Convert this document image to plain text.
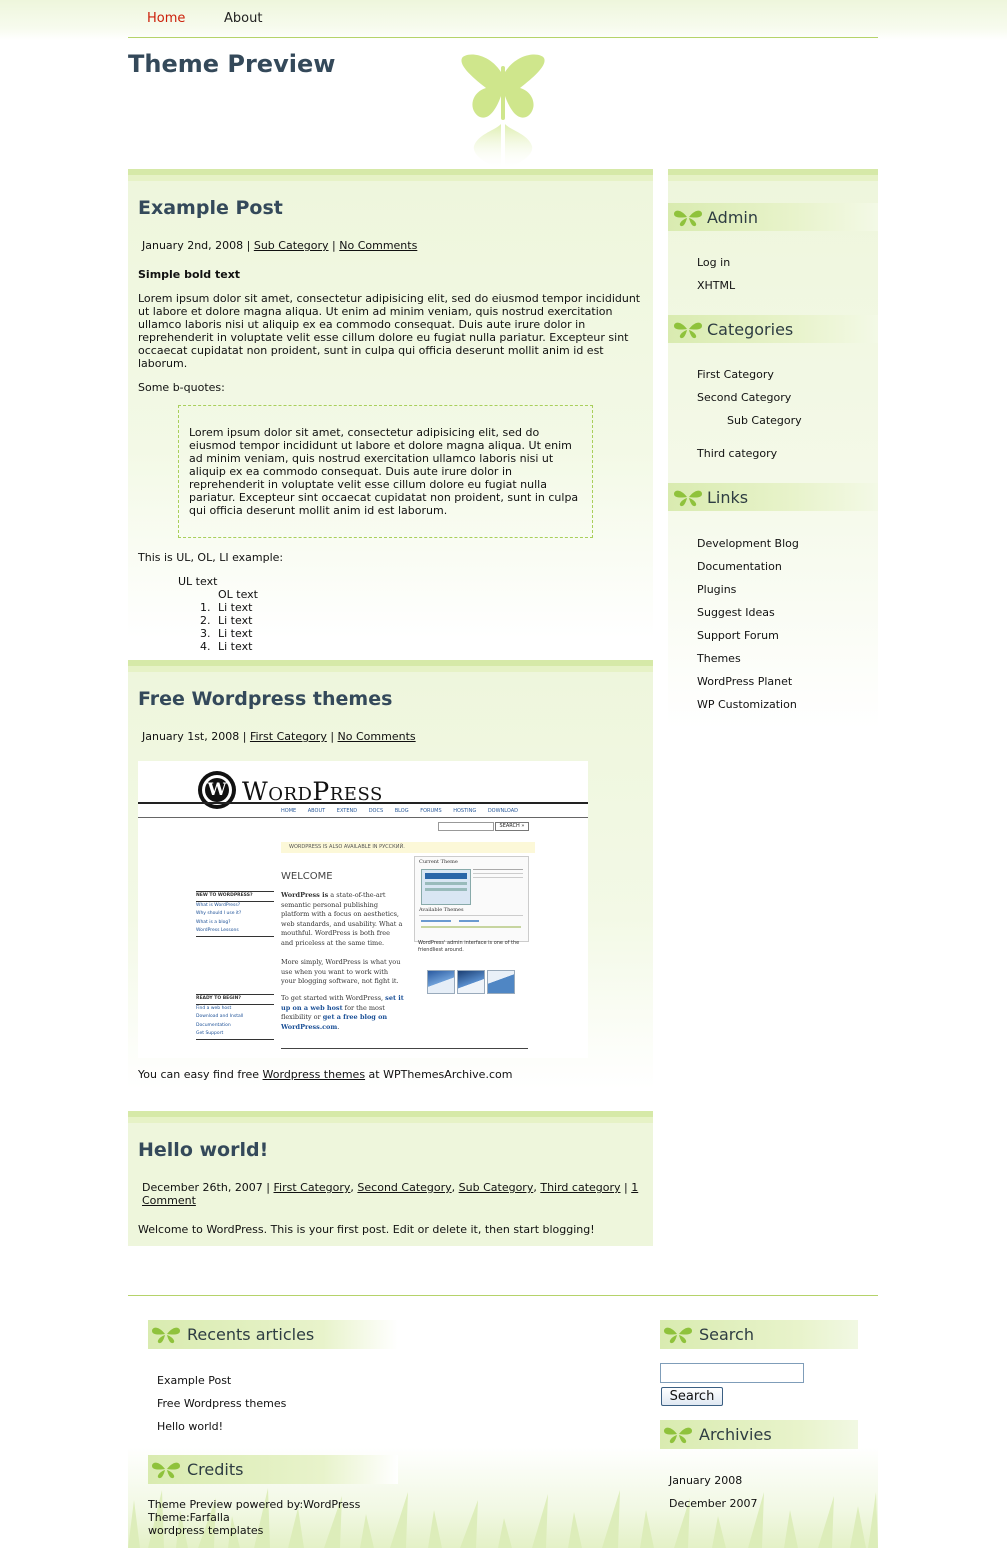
Home	About
Theme Preview
Example Post
January 2nd, 2008 | Sub Category | No Comments

Simple bold text

Lorem ipsum dolor sit amet, consectetur adipisicing elit, sed do eiusmod tempor incididunt ut labore et dolore magna aliqua. Ut enim ad minim veniam, quis nostrud exercitation ullamco laboris nisi ut aliquip ex ea commodo consequat. Duis aute irure dolor in reprehenderit in voluptate velit esse cillum dolore eu fugiat nulla pariatur. Excepteur sint occaecat cupidatat non proident, sunt in culpa qui officia deserunt mollit anim id est laborum.

Some b-quotes:

Lorem ipsum dolor sit amet, consectetur adipisicing elit, sed do eiusmod tempor incididunt ut labore et dolore magna aliqua. Ut enim ad minim veniam, quis nostrud exercitation ullamco laboris nisi ut aliquip ex ea commodo consequat. Duis aute irure dolor in reprehenderit in voluptate velit esse cillum dolore eu fugiat nulla pariatur. Excepteur sint occaecat cupidatat non proident, sunt in culpa qui officia deserunt mollit anim id est laborum.

This is UL, OL, LI example:

UL text
OL text
1. Li text
2. Li text
3. Li text
4. Li text
Free Wordpress themes
January 1st, 2008 | First Category | No Comments
W WordPress
HOME ABOUT EXTEND DOCS BLOG FORUMS HOSTING DOWNLOAD
SEARCH »
WORDPRESS IS ALSO AVAILABLE IN РУССКИЙ.
WELCOME
WordPress is a state-of-the-art semantic personal publishing platform with a focus on aesthetics, web standards, and usability. What a mouthful. WordPress is both free and priceless at the same time.
More simply, WordPress is what you use when you want to work with your blogging software, not fight it.
To get started with WordPress, set it up on a web host for the most flexibility or get a free blog on WordPress.com.
Current Theme
Available Themes
WordPress' admin interface is one of the friendliest around.
NEW TO WORDPRESS?
What is WordPress?
Why should I use it?
What is a blog?
WordPress Lessons
READY TO BEGIN?
Find a web host
Download and Install
Documentation
Get Support
You can easy find free Wordpress themes at WPThemesArchive.com
Hello world!
December 26th, 2007 | First Category, Second Category, Sub Category, Third category | 1 Comment

Welcome to WordPress. This is your first post. Edit or delete it, then start blogging!

Admin
Log in
XHTML
Categories
First Category
Second Category
Sub Category
Third category
Links
Development Blog
Documentation
Plugins
Suggest Ideas
Support Forum
Themes
WordPress Planet
WP Customization
Recents articles
Example Post
Free Wordpress themes
Hello world!
Credits
Theme Preview powered by:WordPress
Theme:Farfalla
wordpress templates
Search
Search
Archivies
January 2008
December 2007
